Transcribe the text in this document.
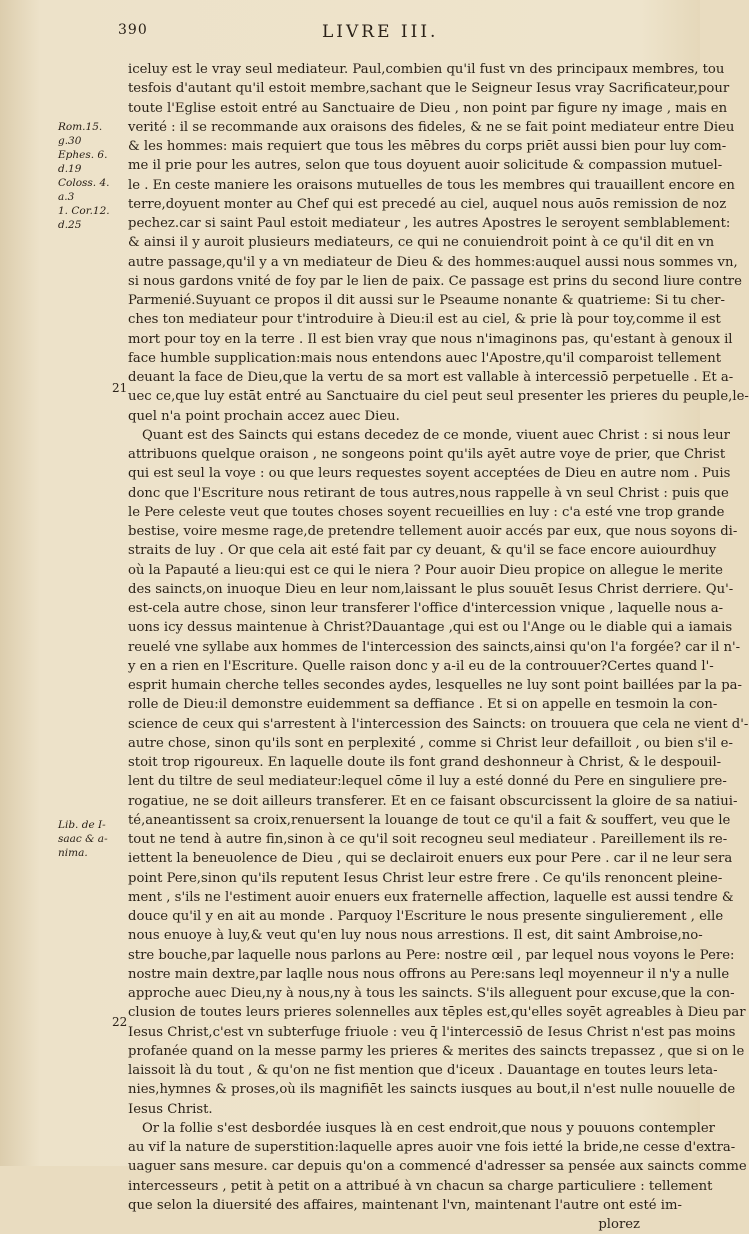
390	LIVRE III.
Rom.15.
g.30
Ephes. 6.
d.19
Coloss. 4.
a.3
1. Cor.12.
d.25
Lib. de I-
saac & a-
nima.
21
22
iceluy est le vray seul mediateur. Paul,combien qu'il fust vn des principaux membres, tou
tesfois d'autant qu'il estoit membre,sachant que le Seigneur Iesus vray Sacrificateur,pour
toute l'Eglise estoit entré au Sanctuaire de Dieu , non point par figure ny image , mais en
verité : il se recommande aux oraisons des fideles, & ne se fait point mediateur entre Dieu
& les hommes: mais requiert que tous les mēbres du corps priēt aussi bien pour luy com-
me il prie pour les autres, selon que tous doyuent auoir solicitude & compassion mutuel-
le . En ceste maniere les oraisons mutuelles de tous les membres qui trauaillent encore en
terre,doyuent monter au Chef qui est precedé au ciel, auquel nous auōs remission de noz
pechez.car si saint Paul estoit mediateur , les autres Apostres le seroyent semblablement:
& ainsi il y auroit plusieurs mediateurs, ce qui ne conuiendroit point à ce qu'il dit en vn
autre passage,qu'il y a vn mediateur de Dieu & des hommes:auquel aussi nous sommes vn,
si nous gardons vnité de foy par le lien de paix. Ce passage est prins du second liure contre
Parmenié.Suyuant ce propos il dit aussi sur le Pseaume nonante & quatrieme: Si tu cher-
ches ton mediateur pour t'introduire à Dieu:il est au ciel, & prie là pour toy,comme il est
mort pour toy en la terre . Il est bien vray que nous n'imaginons pas, qu'estant à genoux il
face humble supplication:mais nous entendons auec l'Apostre,qu'il comparoist tellement
deuant la face de Dieu,que la vertu de sa mort est vallable à intercessiō perpetuelle . Et a-
uec ce,que luy estāt entré au Sanctuaire du ciel peut seul presenter les prieres du peuple,le-
quel n'a point prochain accez auec Dieu.
Quant est des Saincts qui estans decedez de ce monde, viuent auec Christ : si nous leur
attribuons quelque oraison , ne songeons point qu'ils ayēt autre voye de prier, que Christ
qui est seul la voye : ou que leurs requestes soyent acceptées de Dieu en autre nom . Puis
donc que l'Escriture nous retirant de tous autres,nous rappelle à vn seul Christ : puis que
le Pere celeste veut que toutes choses soyent recueillies en luy : c'a esté vne trop grande
bestise, voire mesme rage,de pretendre tellement auoir accés par eux, que nous soyons di-
straits de luy . Or que cela ait esté fait par cy deuant, & qu'il se face encore auiourdhuy
où la Papauté a lieu:qui est ce qui le niera ? Pour auoir Dieu propice on allegue le merite
des saincts,on inuoque Dieu en leur nom,laissant le plus souuēt Iesus Christ derriere. Qu'-
est-cela autre chose, sinon leur transferer l'office d'intercession vnique , laquelle nous a-
uons icy dessus maintenue à Christ?Dauantage ,qui est ou l'Ange ou le diable qui a iamais
reuelé vne syllabe aux hommes de l'intercession des saincts,ainsi qu'on l'a forgée? car il n'-
y en a rien en l'Escriture. Quelle raison donc y a-il eu de la controuuer?Certes quand l'-
esprit humain cherche telles secondes aydes, lesquelles ne luy sont point baillées par la pa-
rolle de Dieu:il demonstre euidemment sa deffiance . Et si on appelle en tesmoin la con-
science de ceux qui s'arrestent à l'intercession des Saincts: on trouuera que cela ne vient d'-
autre chose, sinon qu'ils sont en perplexité , comme si Christ leur defailloit , ou bien s'il e-
stoit trop rigoureux. En laquelle doute ils font grand deshonneur à Christ, & le despouil-
lent du tiltre de seul mediateur:lequel cōme il luy a esté donné du Pere en singuliere pre-
rogatiue, ne se doit ailleurs transferer. Et en ce faisant obscurcissent la gloire de sa natiui-
té,aneantissent sa croix,renuersent la louange de tout ce qu'il a fait & souffert, veu que le
tout ne tend à autre fin,sinon à ce qu'il soit recogneu seul mediateur . Pareillement ils re-
iettent la beneuolence de Dieu , qui se declairoit enuers eux pour Pere . car il ne leur sera
point Pere,sinon qu'ils reputent Iesus Christ leur estre frere . Ce qu'ils renoncent pleine-
ment , s'ils ne l'estiment auoir enuers eux fraternelle affection, laquelle est aussi tendre &
douce qu'il y en ait au monde . Parquoy l'Escriture le nous presente singulierement , elle
nous enuoye à luy,& veut qu'en luy nous nous arrestions. Il est, dit saint Ambroise,no-
stre bouche,par laquelle nous parlons au Pere: nostre œil , par lequel nous voyons le Pere:
nostre main dextre,par laqlle nous nous offrons au Pere:sans leql moyenneur il n'y a nulle
approche auec Dieu,ny à nous,ny à tous les saincts. S'ils alleguent pour excuse,que la con-
clusion de toutes leurs prieres solennelles aux tēples est,qu'elles soyēt agreables à Dieu par
Iesus Christ,c'est vn subterfuge friuole : veu q̄ l'intercessiō de Iesus Christ n'est pas moins
profanée quand on la messe parmy les prieres & merites des saincts trepassez , que si on le
laissoit là du tout , & qu'on ne fist mention que d'iceux . Dauantage en toutes leurs leta-
nies,hymnes & proses,où ils magnifiēt les saincts iusques au bout,il n'est nulle nouuelle de
Iesus Christ.
Or la follie s'est desbordée iusques là en cest endroit,que nous y pouuons contempler
au vif la nature de superstition:laquelle apres auoir vne fois ietté la bride,ne cesse d'extra-
uaguer sans mesure. car depuis qu'on a commencé d'adresser sa pensée aux saincts comme
intercesseurs , petit à petit on a attribué à vn chacun sa charge particuliere : tellement
que selon la diuersité des affaires, maintenant l'vn, maintenant l'autre ont esté im-
plorez
